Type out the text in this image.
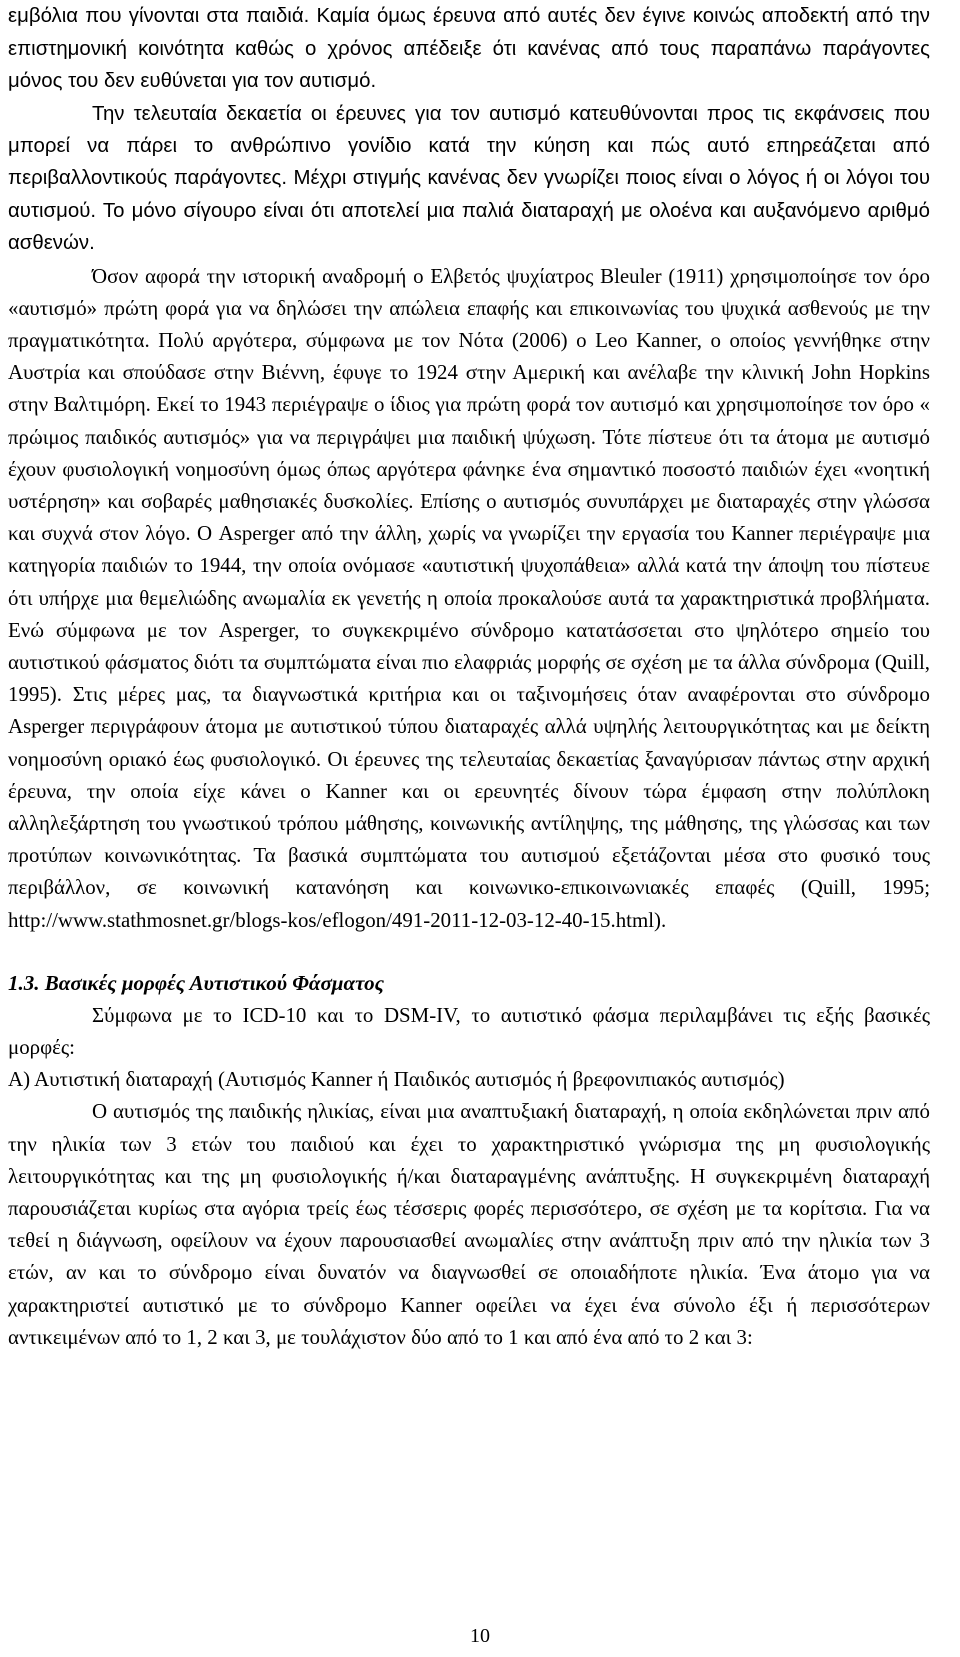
εμβόλια που γίνονται στα παιδιά. Καμία όμως έρευνα από αυτές δεν έγινε κοινώς αποδεκτή από την επιστημονική κοινότητα καθώς ο χρόνος απέδειξε ότι κανένας από τους παραπάνω παράγοντες μόνος του δεν ευθύνεται για τον αυτισμό.

Την τελευταία δεκαετία οι έρευνες για τον αυτισμό κατευθύνονται προς τις εκφάνσεις που μπορεί να πάρει το ανθρώπινο γονίδιο κατά την κύηση και πώς αυτό επηρεάζεται από περιβαλλοντικούς παράγοντες. Μέχρι στιγμής κανένας δεν γνωρίζει ποιος είναι ο λόγος ή οι λόγοι του αυτισμού. Το μόνο σίγουρο είναι ότι αποτελεί μια παλιά διαταραχή με ολοένα και αυξανόμενο αριθμό ασθενών.

Όσον αφορά την ιστορική αναδρομή ο Ελβετός ψυχίατρος Bleuler (1911) χρησιμοποίησε τον όρο «αυτισμό» πρώτη φορά για να δηλώσει την απώλεια επαφής και επικοινωνίας του ψυχικά ασθενούς με την πραγματικότητα. Πολύ αργότερα, σύμφωνα με τον Νότα (2006) ο Leo Kanner, ο οποίος γεννήθηκε στην Αυστρία και σπούδασε στην Βιέννη, έφυγε το 1924 στην Αμερική και ανέλαβε την κλινική John Hopkins στην Βαλτιμόρη. Εκεί το 1943 περιέγραψε ο ίδιος για πρώτη φορά τον αυτισμό και χρησιμοποίησε τον όρο « πρώιμος παιδικός αυτισμός» για να περιγράψει μια παιδική ψύχωση. Τότε πίστευε ότι τα άτομα με αυτισμό έχουν φυσιολογική νοημοσύνη όμως όπως αργότερα φάνηκε ένα σημαντικό ποσοστό παιδιών έχει «νοητική υστέρηση» και σοβαρές μαθησιακές δυσκολίες. Επίσης ο αυτισμός συνυπάρχει με διαταραχές στην γλώσσα και συχνά στον λόγο. Ο Asperger από την άλλη, χωρίς να γνωρίζει την εργασία του Kanner περιέγραψε μια κατηγορία παιδιών το 1944, την οποία ονόμασε «αυτιστική ψυχοπάθεια» αλλά κατά την άποψη του πίστευε ότι υπήρχε μια θεμελιώδης ανωμαλία εκ γενετής η οποία προκαλούσε αυτά τα χαρακτηριστικά προβλήματα. Ενώ σύμφωνα με τον Asperger, το συγκεκριμένο σύνδρομο κατατάσσεται στο ψηλότερο σημείο του αυτιστικού φάσματος διότι τα συμπτώματα είναι πιο ελαφριάς μορφής σε σχέση με τα άλλα σύνδρομα (Quill, 1995). Στις μέρες μας, τα διαγνωστικά κριτήρια και οι ταξινομήσεις όταν αναφέρονται στο σύνδρομο Asperger περιγράφουν άτομα με αυτιστικού τύπου διαταραχές αλλά υψηλής λειτουργικότητας και με δείκτη νοημοσύνη οριακό έως φυσιολογικό. Οι έρευνες της τελευταίας δεκαετίας ξαναγύρισαν πάντως στην αρχική έρευνα, την οποία είχε κάνει ο Kanner και οι ερευνητές δίνουν τώρα έμφαση στην πολύπλοκη αλληλεξάρτηση του γνωστικού τρόπου μάθησης, κοινωνικής αντίληψης, της μάθησης, της γλώσσας και των προτύπων κοινωνικότητας. Τα βασικά συμπτώματα του αυτισμού εξετάζονται μέσα στο φυσικό τους περιβάλλον, σε κοινωνική κατανόηση και κοινωνικο-επικοινωνιακές επαφές (Quill, 1995; http://www.stathmosnet.gr/blogs-kos/eflogon/491-2011-12-03-12-40-15.html).

1.3. Βασικές μορφές Αυτιστικού Φάσματος

Σύμφωνα με το ICD-10 και το DSM-IV, το αυτιστικό φάσμα περιλαμβάνει τις εξής βασικές μορφές:

Α) Αυτιστική διαταραχή (Αυτισμός Kanner ή Παιδικός αυτισμός ή βρεφονιπιακός αυτισμός)

Ο αυτισμός της παιδικής ηλικίας, είναι μια αναπτυξιακή διαταραχή, η οποία εκδηλώνεται πριν από την ηλικία των 3 ετών του παιδιού και έχει το χαρακτηριστικό γνώρισμα της μη φυσιολογικής λειτουργικότητας και της μη φυσιολογικής ή/και διαταραγμένης ανάπτυξης. Η συγκεκριμένη διαταραχή παρουσιάζεται κυρίως στα αγόρια τρείς έως τέσσερις φορές περισσότερο, σε σχέση με τα κορίτσια. Για να τεθεί η διάγνωση, οφείλουν να έχουν παρουσιασθεί ανωμαλίες στην ανάπτυξη πριν από την ηλικία των 3 ετών, αν και το σύνδρομο είναι δυνατόν να διαγνωσθεί σε οποιαδήποτε ηλικία. Ένα άτομο για να χαρακτηριστεί αυτιστικό με το σύνδρομο Kanner οφείλει να έχει ένα σύνολο έξι ή περισσότερων αντικειμένων από το 1, 2 και 3, με τουλάχιστον δύο από το 1 και από ένα από το 2 και 3:

10
